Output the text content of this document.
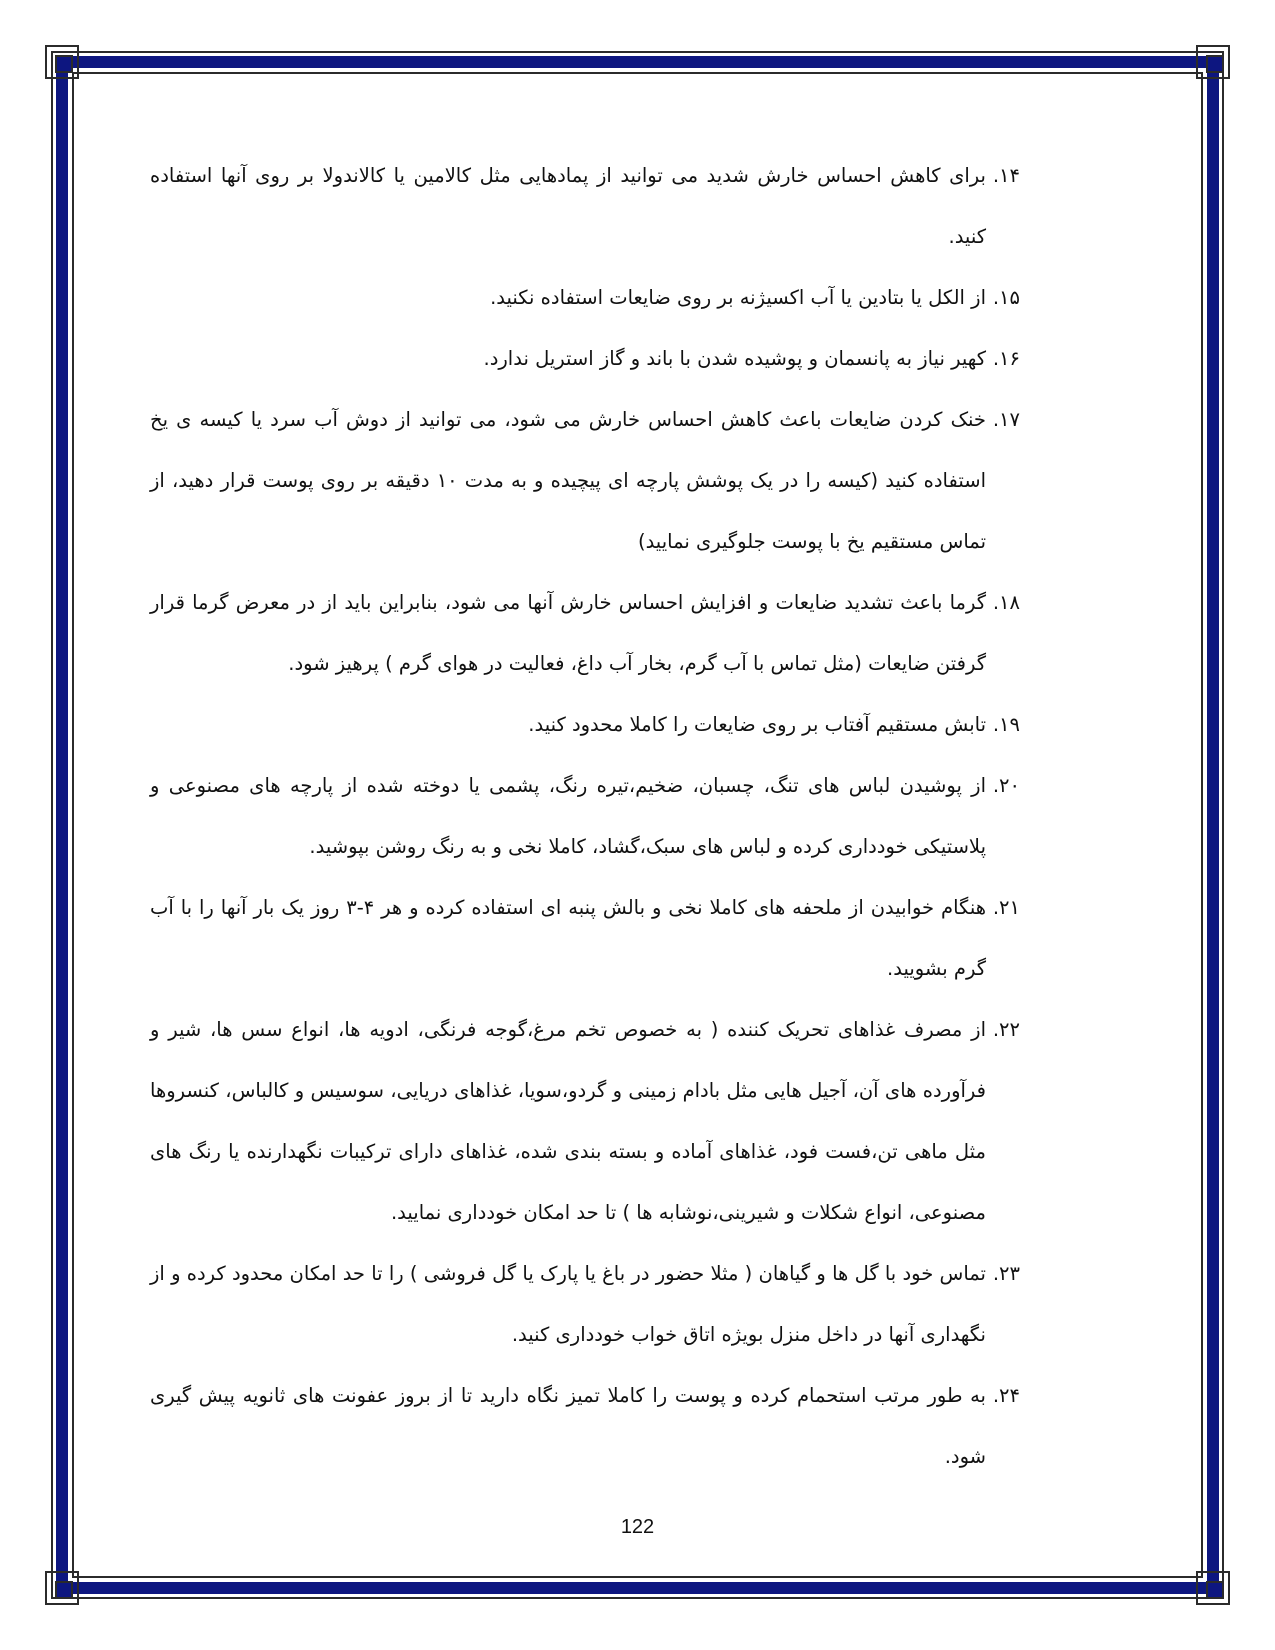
۱۴.
برای کاهش احساس خارش شدید می توانید از پمادهایی مثل کالامین یا کالاندولا بر روی آنها استفاده کنید.

۱۵.
از الکل یا بتادین یا آب اکسیژنه بر روی ضایعات استفاده نکنید.

۱۶.
کهیر نیاز به پانسمان و پوشیده شدن با باند و گاز استریل ندارد.

۱۷.
خنک کردن ضایعات باعث کاهش احساس خارش می شود، می توانید از دوش آب سرد یا کیسه ی یخ استفاده کنید (کیسه را در یک پوشش پارچه ای پیچیده و به مدت ۱۰ دقیقه بر روی پوست قرار دهید، از تماس مستقیم یخ با پوست جلوگیری نمایید)

۱۸.
گرما باعث تشدید ضایعات و افزایش احساس خارش آنها می شود، بنابراین باید از در معرض گرما قرار گرفتن ضایعات (مثل تماس با آب گرم، بخار آب داغ، فعالیت در هوای گرم ) پرهیز شود.

۱۹.
تابش مستقیم آفتاب بر روی ضایعات را کاملا محدود کنید.

۲۰.
از پوشیدن لباس های تنگ، چسبان، ضخیم،تیره رنگ، پشمی یا دوخته شده از پارچه های مصنوعی و پلاستیکی خودداری کرده و لباس های سبک،گشاد، کاملا نخی و به رنگ روشن بپوشید.

۲۱.
هنگام خوابیدن از ملحفه های کاملا نخی و بالش پنبه ای استفاده کرده و هر ۴-۳ روز یک بار آنها را با آب گرم بشویید.

۲۲.
از مصرف غذاهای تحریک کننده ( به خصوص تخم مرغ،گوجه فرنگی، ادویه ها، انواع سس ها، شیر و فرآورده های آن، آجیل هایی مثل بادام زمینی و گردو،سویا، غذاهای دریایی، سوسیس و کالباس، کنسروها مثل ماهی تن،فست فود، غذاهای آماده و بسته بندی شده، غذاهای دارای ترکیبات نگهدارنده یا رنگ های مصنوعی، انواع شکلات و شیرینی،نوشابه ها ) تا حد امکان خودداری نمایید.

۲۳.
تماس خود با گل ها و گیاهان ( مثلا حضور در باغ یا پارک یا گل فروشی ) را تا حد امکان محدود کرده و از نگهداری آنها در داخل منزل بویژه اتاق خواب خودداری کنید.

۲۴.
به طور مرتب استحمام کرده و پوست را کاملا تمیز نگاه دارید تا از بروز عفونت های ثانویه پیش گیری شود.

122
